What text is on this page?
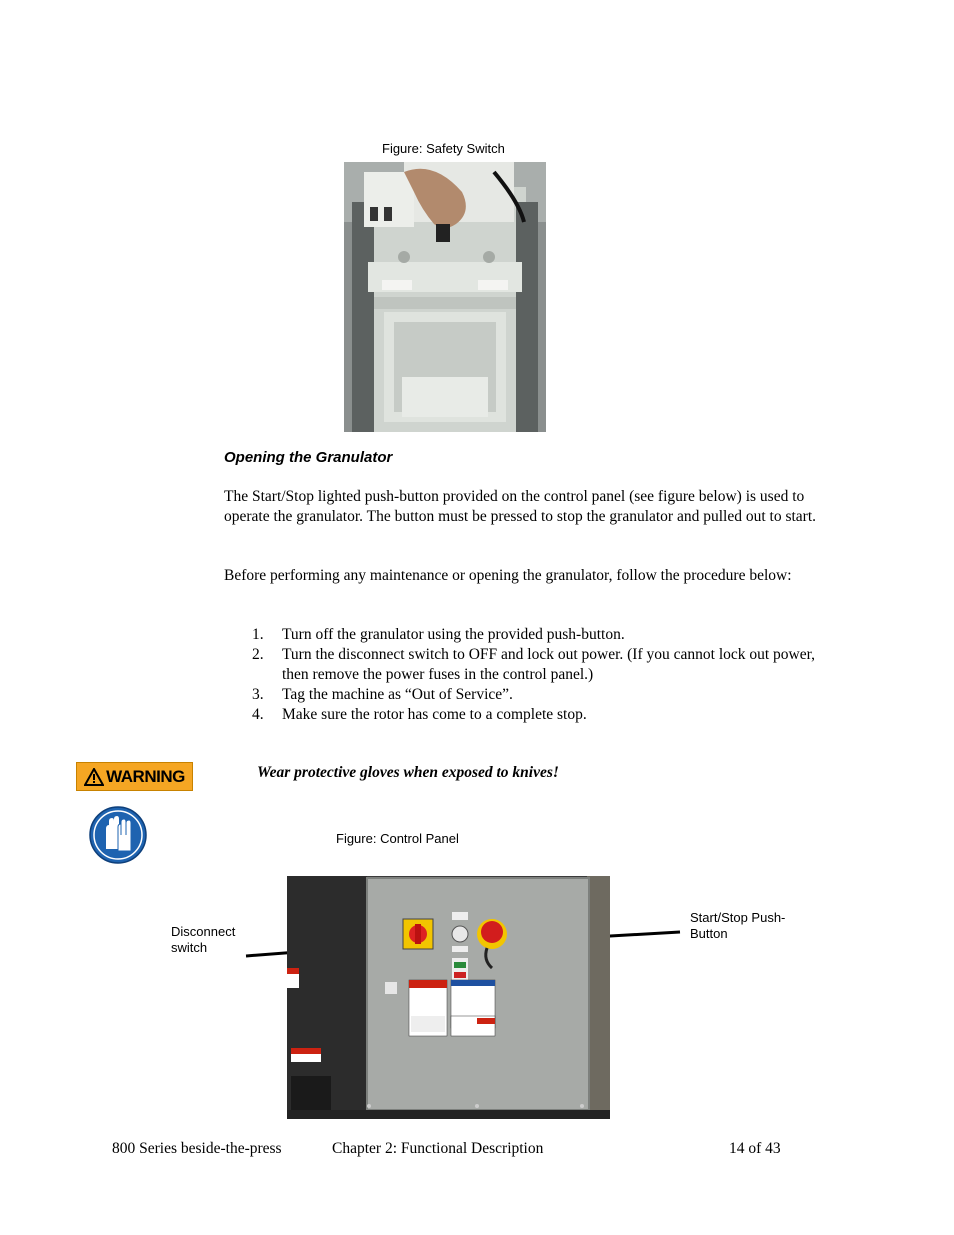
Figure: Safety Switch
Opening the Granulator
The Start/Stop lighted push-button provided on the control panel (see figure below) is used to operate the granulator. The button must be pressed to stop the granulator and pulled out to start.
Before performing any maintenance or opening the granulator, follow the procedure below:
1. Turn off the granulator using the provided push-button.
2. Turn the disconnect switch to OFF and lock out power. (If you cannot lock out power, then remove the power fuses in the control panel.)
3. Tag the machine as “Out of Service”.
4. Make sure the rotor has come to a complete stop.
WARNING	Wear protective gloves when exposed to knives!
Figure: Control Panel
Disconnect switch
Start/Stop Push-Button
800 Series beside-the-press	Chapter 2: Functional Description	14 of 43
